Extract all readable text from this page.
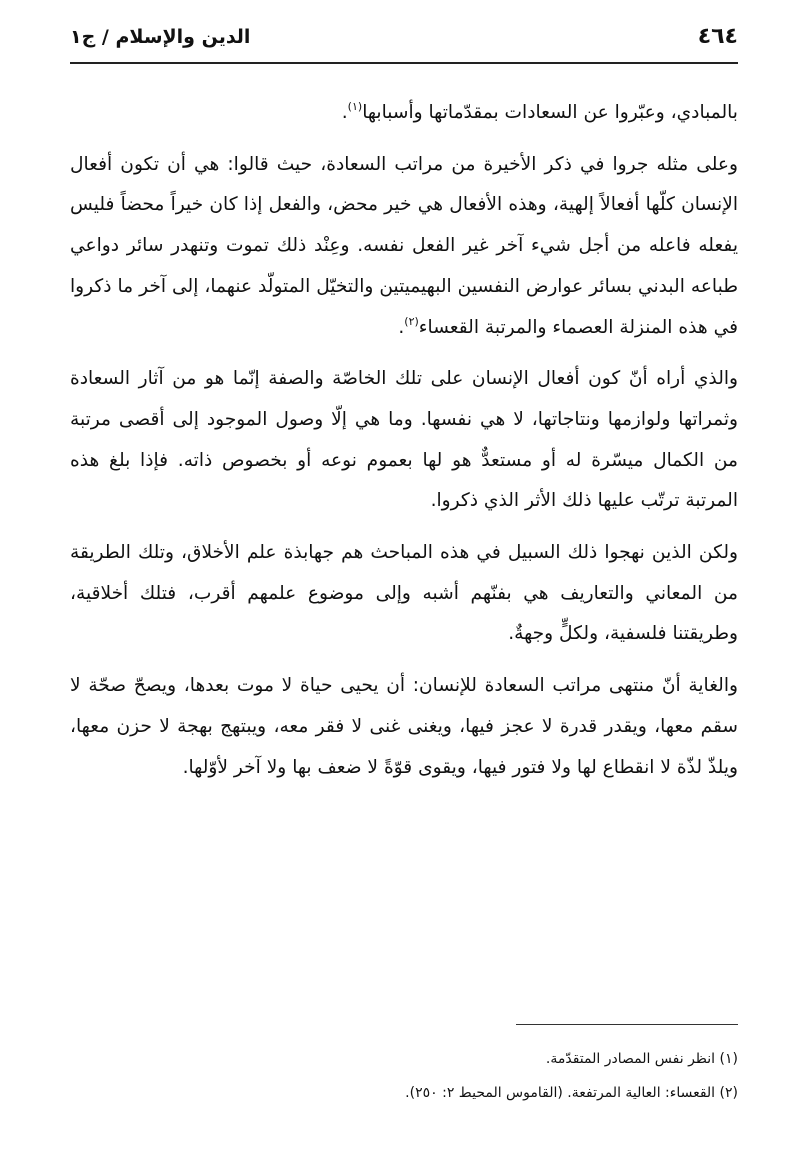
٤٦٤
الدين والإسلام / ج١

بالمبادي، وعبّروا عن السعادات بمقدّماتها وأسبابها$^{(١)}$.

وعلى مثله جروا في ذكر الأخيرة من مراتب السعادة، حيث قالوا: هي أن تكون أفعال الإنسان كلّها أفعالاً إلهية، وهذه الأفعال هي خير محض، والفعل إذا كان خيراً محضاً فليس يفعله فاعله من أجل شيء آخر غير الفعل نفسه. وعِنْد ذلك تموت وتنهدر سائر دواعي طباعه البدني بسائر عوارض النفسين البهيميتين والتخيّل المتولّد عنهما، إلى آخر ما ذكروا في هذه المنزلة العصماء والمرتبة القعساء$^{(٢)}$.

والذي أراه أنّ كون أفعال الإنسان على تلك الخاصّة والصفة إنّما هو من آثار السعادة وثمراتها ولوازمها ونتاجاتها، لا هي نفسها. وما هي إلّا وصول الموجود إلى أقصى مرتبة من الكمال ميسّرة له أو مستعدٌّ هو لها بعموم نوعه أو بخصوص ذاته. فإذا بلغ هذه المرتبة ترتّب عليها ذلك الأثر الذي ذكروا.

ولكن الذين نهجوا ذلك السبيل في هذه المباحث هم جهابذة علم الأخلاق، وتلك الطريقة من المعاني والتعاريف هي بفنّهم أشبه وإلى موضوع علمهم أقرب، فتلك أخلاقية، وطريقتنا فلسفية، ولكلٍّ وجهةٌ.

والغاية أنّ منتهى مراتب السعادة للإنسان: أن يحيى حياة لا موت بعدها، ويصحّ صحّة لا سقم معها، ويقدر قدرة لا عجز فيها، ويغنى غنى لا فقر معه، ويبتهج بهجة لا حزن معها، ويلذّ لذّة لا انقطاع لها ولا فتور فيها، ويقوى قوّةً لا ضعف بها ولا آخر لأوّلها.

(١) انظر نفس المصادر المتقدّمة.

(٢) القعساء: العالية المرتفعة. (القاموس المحيط ٢: ٢٥٠).
